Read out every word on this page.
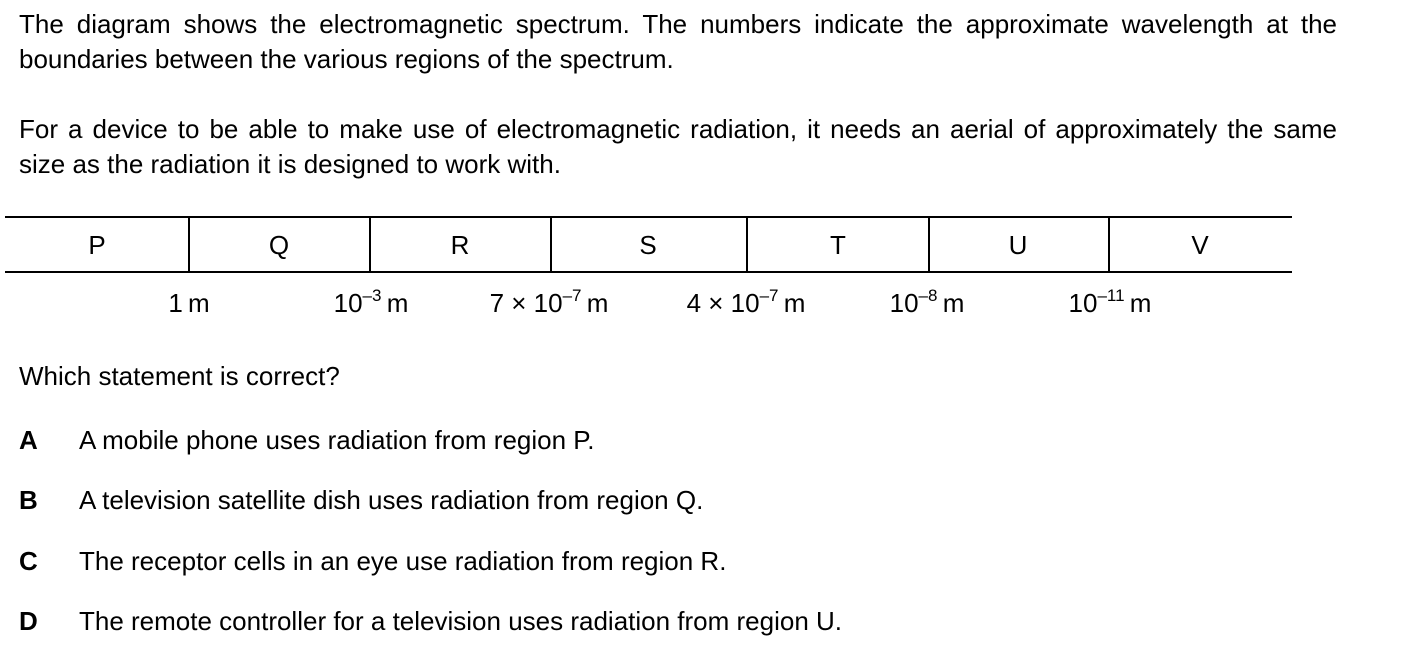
The diagram shows the electromagnetic spectrum. The numbers indicate the approximate wavelength at the boundaries between the various regions of the spectrum.
For a device to be able to make use of electromagnetic radiation, it needs an aerial of approximately the same size as the radiation it is designed to work with.
P	Q	R	S	T	U	V
1  m	$10^{-3}$  m	$7 \times 10^{-7}$  m	$4 \times 10^{-7}$  m	$10^{-8}$  m	$10^{-11}$  m
Which statement is correct?
A A mobile phone uses radiation from region P.
B A television satellite dish uses radiation from region Q.
C The receptor cells in an eye use radiation from region R.
D The remote controller for a television uses radiation from region U.
